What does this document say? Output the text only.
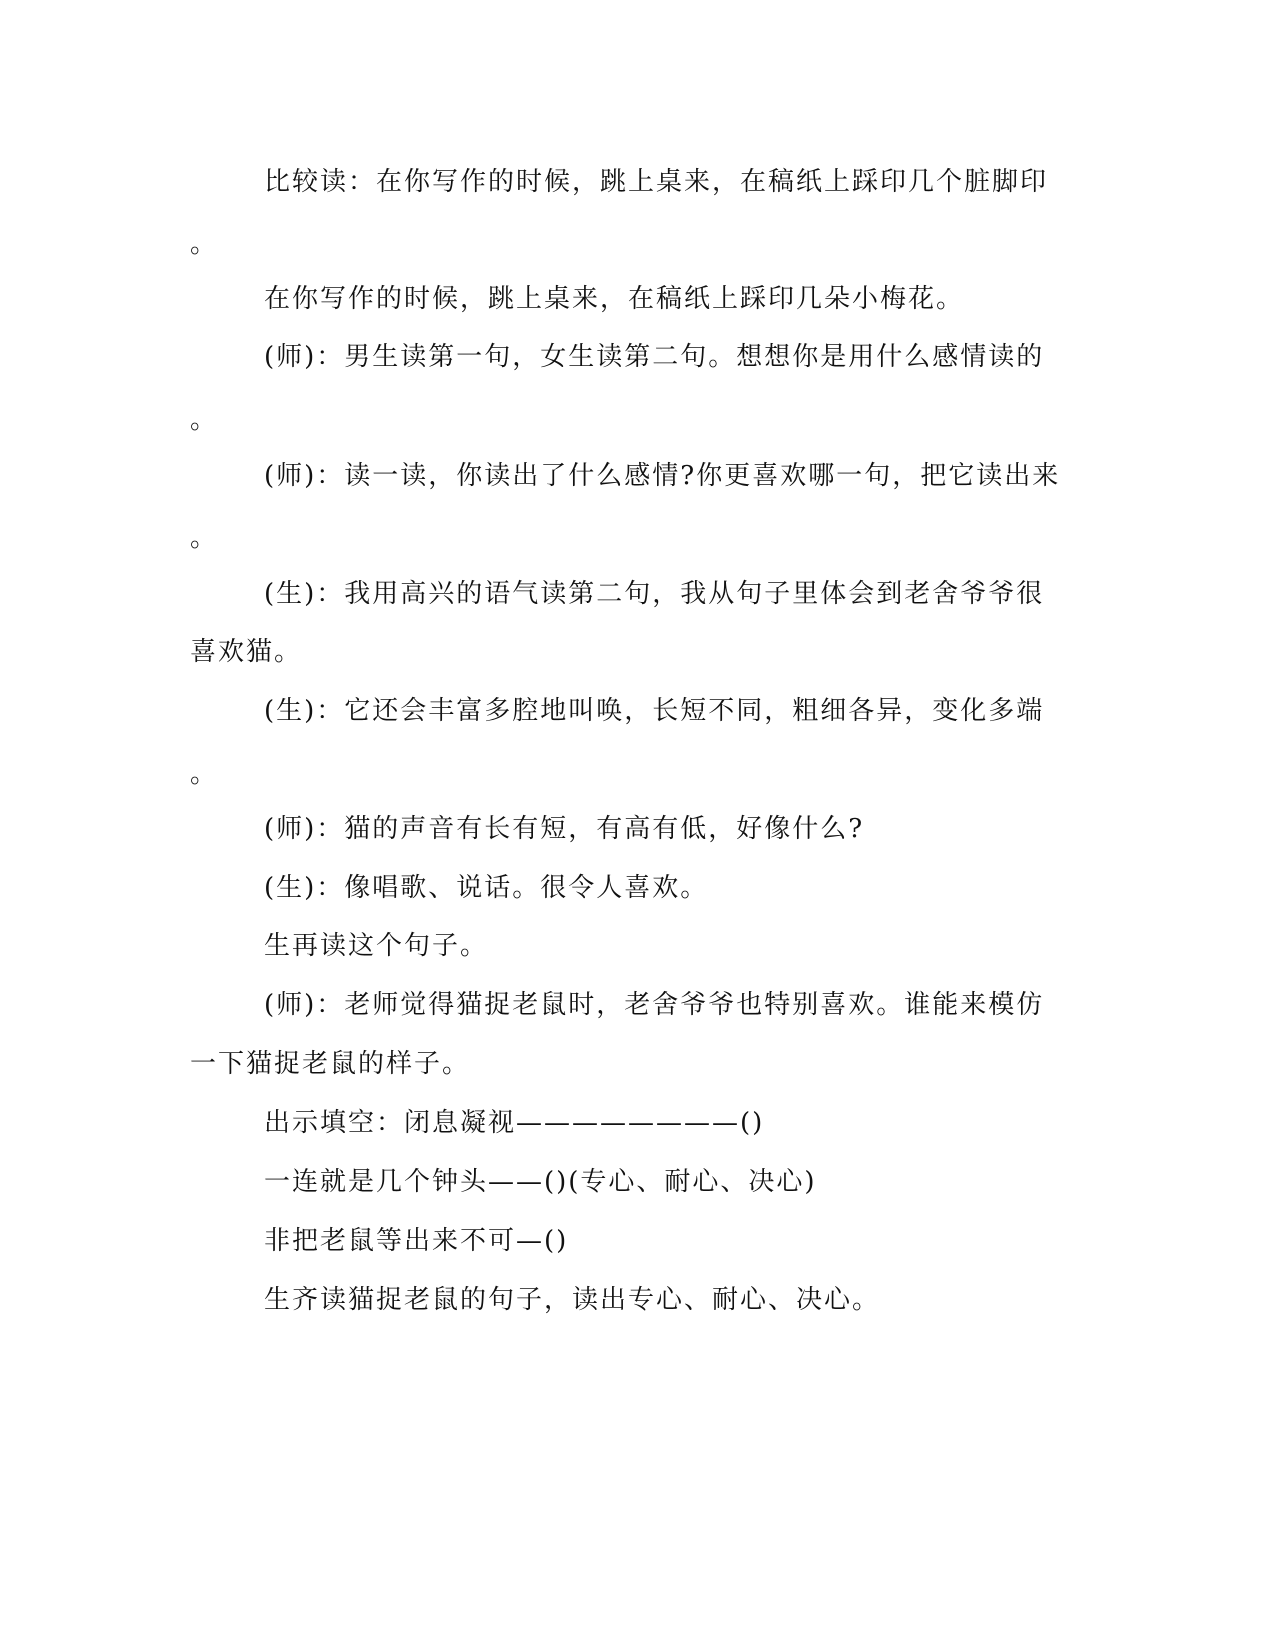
比较读：在你写作的时候，跳上桌来，在稿纸上踩印几个脏脚印

。

在你写作的时候，跳上桌来，在稿纸上踩印几朵小梅花。

(师)：男生读第一句，女生读第二句。想想你是用什么感情读的

。

(师)：读一读，你读出了什么感情?你更喜欢哪一句，把它读出来

。

(生)：我用高兴的语气读第二句，我从句子里体会到老舍爷爷很

喜欢猫。

(生)：它还会丰富多腔地叫唤，长短不同，粗细各异，变化多端

。

(师)：猫的声音有长有短，有高有低，好像什么?

(生)：像唱歌、说话。很令人喜欢。

生再读这个句子。

(师)：老师觉得猫捉老鼠时，老舍爷爷也特别喜欢。谁能来模仿

一下猫捉老鼠的样子。

出示填空：闭息凝视————————()

一连就是几个钟头——()(专心、耐心、决心)

非把老鼠等出来不可—()

生齐读猫捉老鼠的句子，读出专心、耐心、决心。
